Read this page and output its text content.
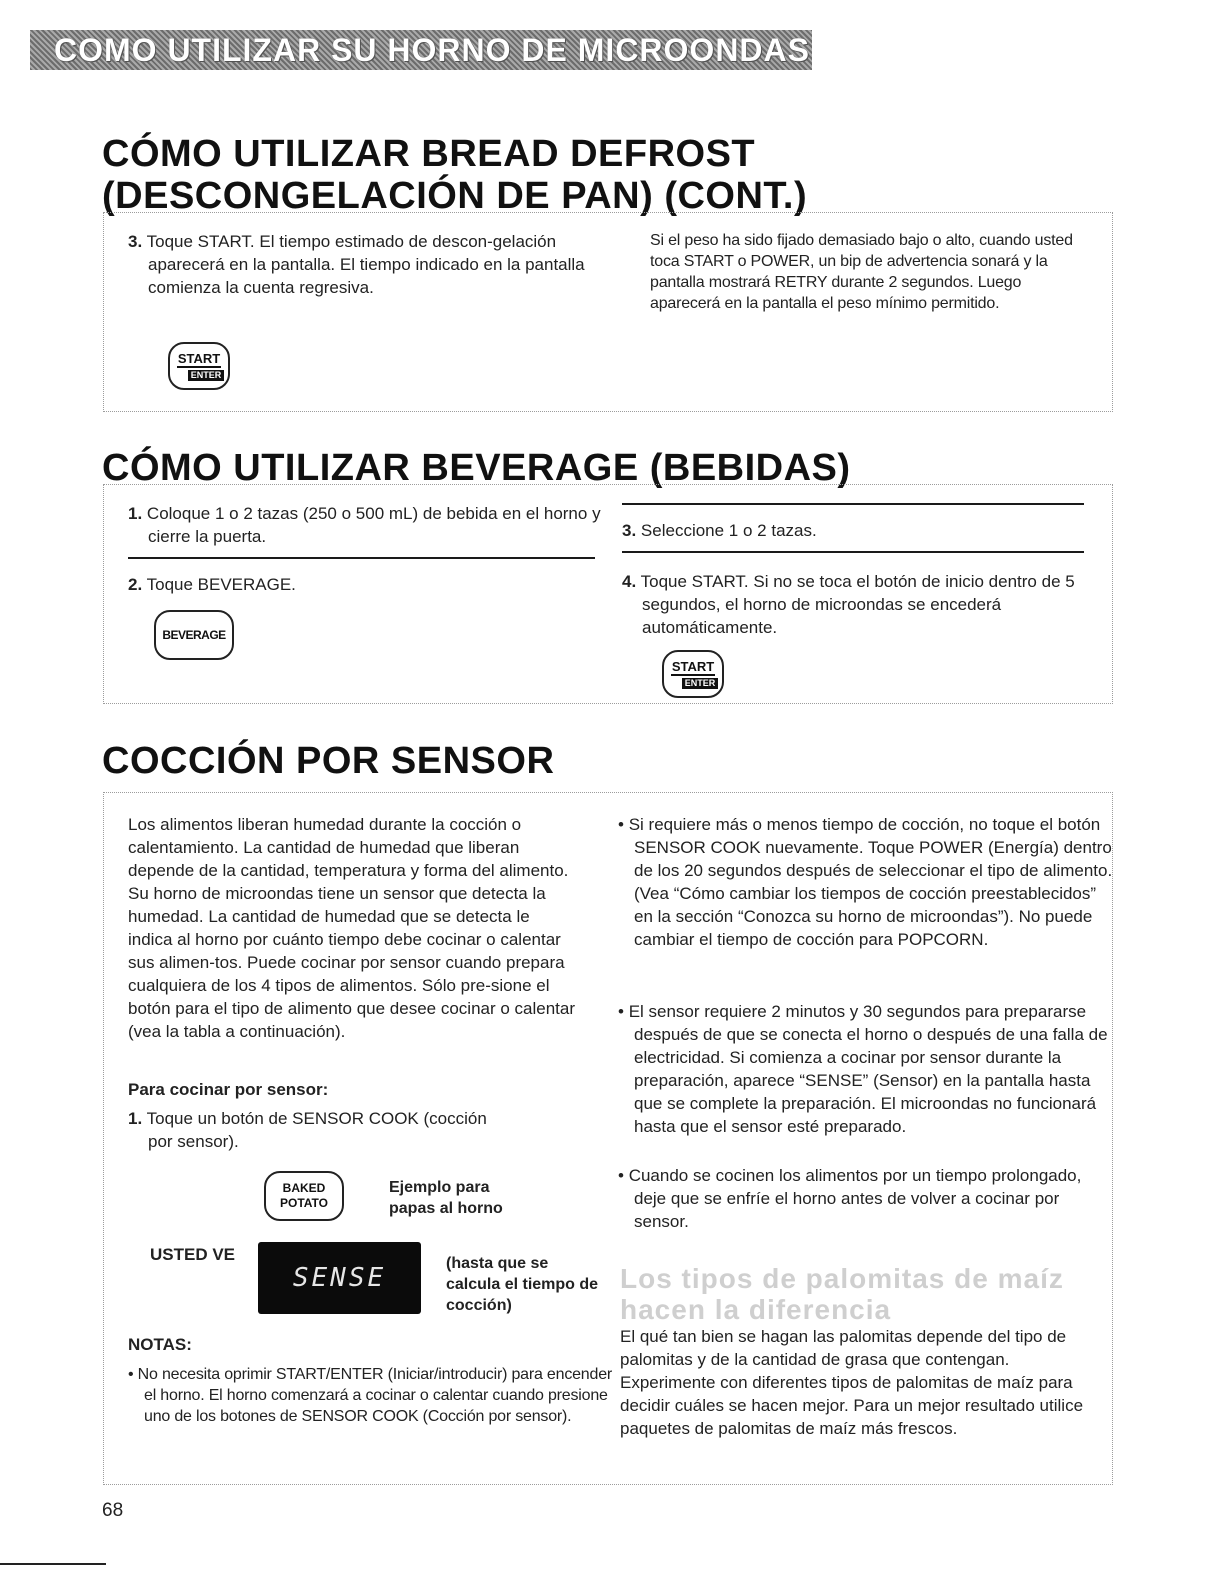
COMO UTILIZAR SU HORNO DE MICROONDAS
CÓMO UTILIZAR BREAD DEFROST
(DESCONGELACIÓN DE PAN) (CONT.)
3. Toque START. El tiempo estimado de descon-gelación aparecerá en la pantalla. El tiempo indicado en la pantalla comienza la cuenta regresiva.
Si el peso ha sido fijado demasiado bajo o alto, cuando usted toca START o POWER, un bip de advertencia sonará y la pantalla mostrará RETRY durante 2 segundos. Luego aparecerá en la pantalla el peso mínimo permitido.
START
ENTER
CÓMO UTILIZAR BEVERAGE (BEBIDAS)
1. Coloque 1 o 2 tazas (250 o 500 mL) de bebida en el horno y cierre la puerta.
2. Toque BEVERAGE.
BEVERAGE
3. Seleccione 1 o 2 tazas.
4. Toque START. Si no se toca el botón de inicio dentro de 5 segundos, el horno de microondas se encederá automáticamente.
START
ENTER
COCCIÓN POR SENSOR
Los alimentos liberan humedad durante la cocción o calentamiento. La cantidad de humedad que liberan depende de la cantidad, temperatura y forma del alimento. Su horno de microondas tiene un sensor que detecta la humedad. La cantidad de humedad que se detecta le indica al horno por cuánto tiempo debe cocinar o calentar sus alimen-tos. Puede cocinar por sensor cuando prepara cualquiera de los 4 tipos de alimentos. Sólo pre-sione el botón para el tipo de alimento que desee cocinar o calentar (vea la tabla a continuación).
Para cocinar por sensor:
1. Toque un botón de SENSOR COOK (cocción por sensor).
BAKED
POTATO
Ejemplo para papas al horno
USTED VE
SENSE	(hasta que se calcula el tiempo de cocción)
NOTAS:
• No necesita oprimir START/ENTER (Iniciar/introducir) para encender el horno. El horno comenzará a cocinar o calentar cuando presione uno de los botones de SENSOR COOK (Cocción por sensor).
• Si requiere más o menos tiempo de cocción, no toque el botón SENSOR COOK nuevamente. Toque POWER (Energía) dentro de los 20 segundos después de seleccionar el tipo de alimento. (Vea “Cómo cambiar los tiempos de cocción preestablecidos” en la sección “Conozca su horno de microondas”). No puede cambiar el tiempo de cocción para POPCORN.
• El sensor requiere 2 minutos y 30 segundos para prepararse después de que se conecta el horno o después de una falla de electricidad. Si comienza a cocinar por sensor durante la preparación, aparece “SENSE” (Sensor) en la pantalla hasta que se complete la preparación. El microondas no funcionará hasta que el sensor esté preparado.
• Cuando se cocinen los alimentos por un tiempo prolongado, deje que se enfríe el horno antes de volver a cocinar por sensor.
Los tipos de palomitas de maíz
hacen la diferencia
El qué tan bien se hagan las palomitas depende del tipo de palomitas y de la cantidad de grasa que contengan. Experimente con diferentes tipos de palomitas de maíz para decidir cuáles se hacen mejor. Para un mejor resultado utilice paquetes de palomitas de maíz más frescos.
68
